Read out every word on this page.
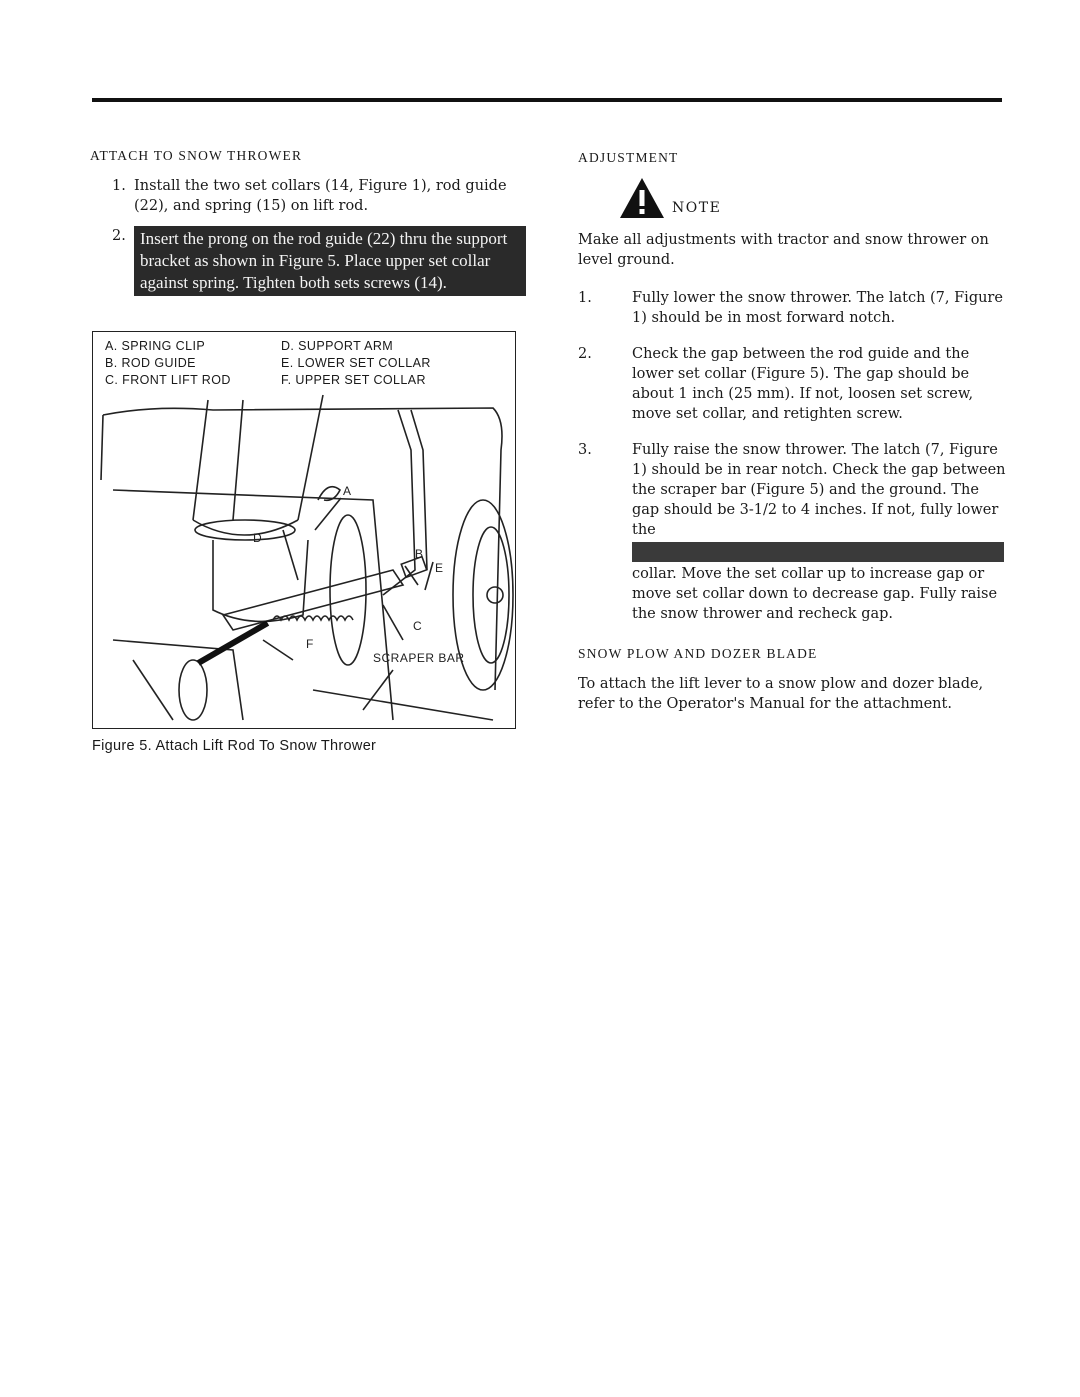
ATTACH TO SNOW THROWER
1. Install the two set collars (14, Figure 1), rod guide (22), and spring (15) on lift rod.
2. Insert the prong on the rod guide (22) thru the support bracket as shown in Figure 5. Place upper set collar against spring. Tighten both sets screws (14).
A. SPRING CLIP	D. SUPPORT ARM
B. ROD GUIDE	E. LOWER SET COLLAR
C. FRONT LIFT ROD	F. UPPER SET COLLAR
A
B
C
D
E
F
SCRAPER BAR
Figure 5. Attach Lift Rod To Snow Thrower
ADJUSTMENT
NOTE

Make all adjustments with tractor and snow thrower on level ground.

1.	Fully lower the snow thrower. The latch (7, Figure 1) should be in most forward notch.
2.	Check the gap between the rod guide and the lower set collar (Figure 5). The gap should be about 1 inch (25 mm). If not, loosen set screw, move set collar, and retighten screw.
3.	Fully raise the snow thrower. The latch (7, Figure 1) should be in rear notch. Check the gap between the scraper bar (Figure 5) and the ground. The gap should be 3-1/2 to 4 inches. If not, fully lower the

collar. Move the set collar up to increase gap or move set collar down to decrease gap. Fully raise the snow thrower and recheck gap.

SNOW PLOW AND DOZER BLADE

To attach the lift lever to a snow plow and dozer blade, refer to the Operator's Manual for the attachment.
